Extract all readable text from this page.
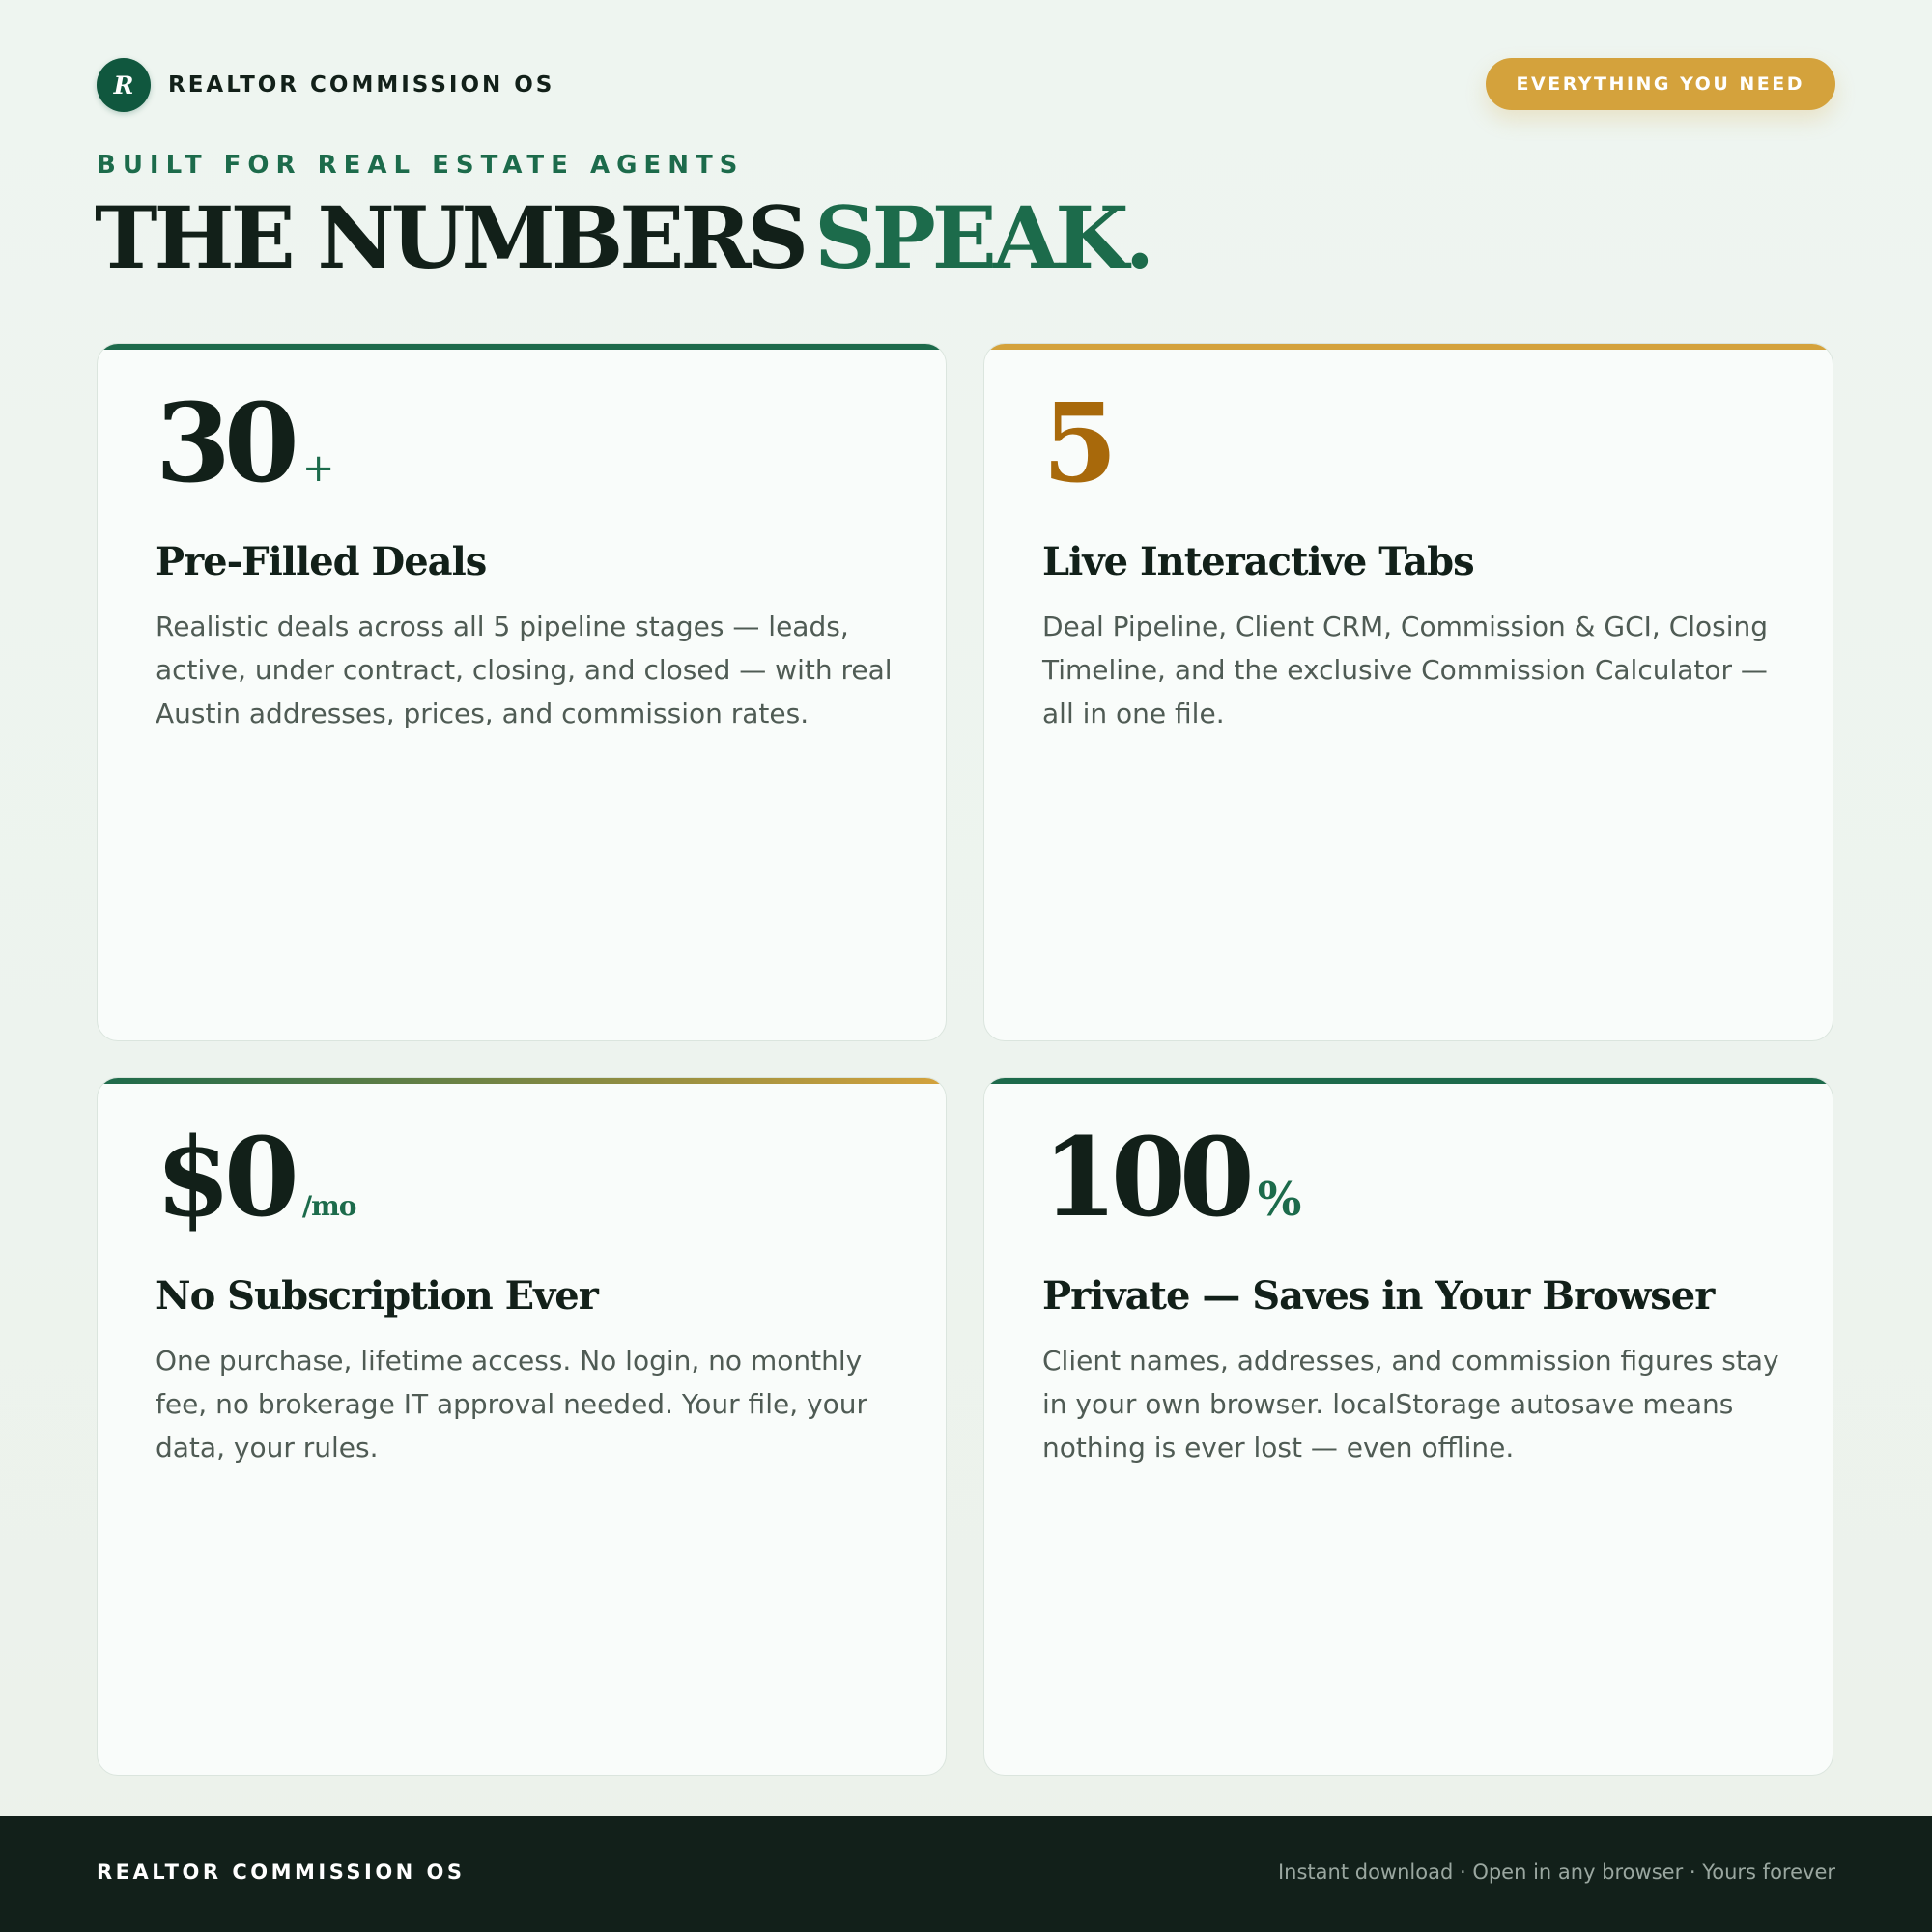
R REALTOR COMMISSION OS	EVERYTHING YOU NEED
BUILT FOR REAL ESTATE AGENTS
THE NUMBERS SPEAK.
30 +
Pre-Filled Deals

Realistic deals across all 5 pipeline stages — leads, active, under contract, closing, and closed — with real Austin addresses, prices, and commission rates.

5
Live Interactive Tabs

Deal Pipeline, Client CRM, Commission & GCI, Closing Timeline, and the exclusive Commission Calculator — all in one file.

$0 /mo
No Subscription Ever

One purchase, lifetime access. No login, no monthly fee, no brokerage IT approval needed. Your file, your data, your rules.

100 %
Private — Saves in Your Browser

Client names, addresses, and commission figures stay in your own browser. localStorage autosave means nothing is ever lost — even offline.

REALTOR COMMISSION OS	Instant download · Open in any browser · Yours forever
